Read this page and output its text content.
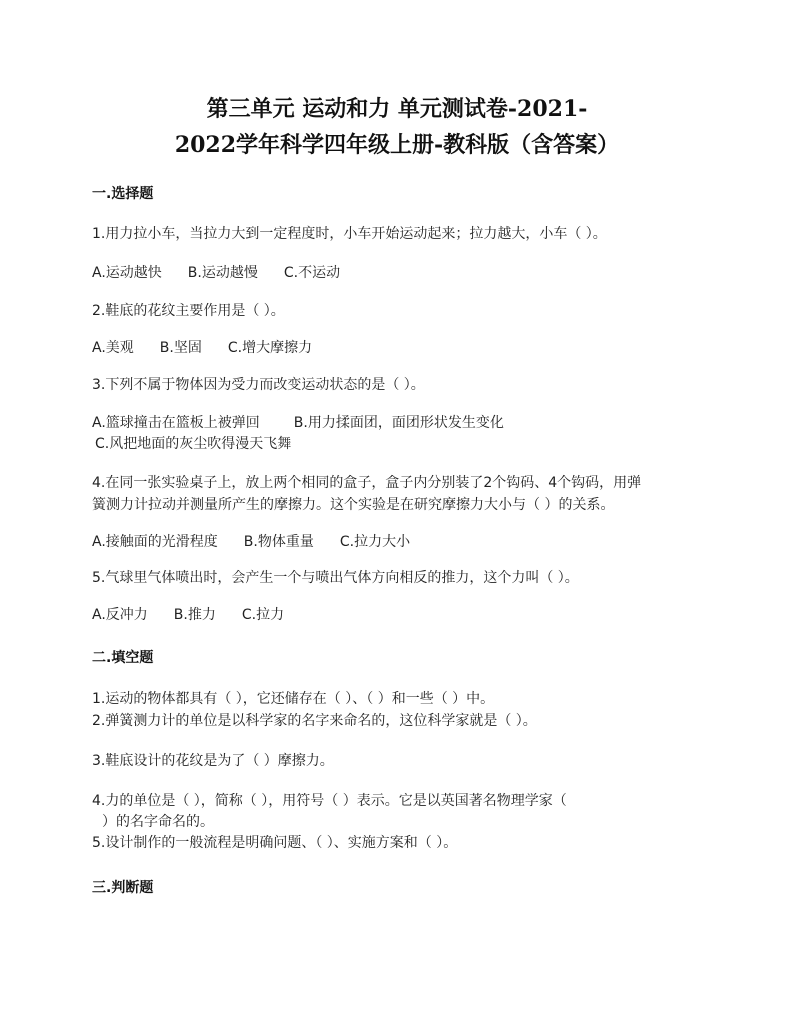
第三单元 运动和力 单元测试卷-2021-
2022学年科学四年级上册-教科版（含答案）
一.选择题
1.用力拉小车，当拉力大到一定程度时，小车开始运动起来；拉力越大，小车（ ）。
A.运动越快 B.运动越慢 C.不运动
2.鞋底的花纹主要作用是（ ）。
A.美观 B.坚固 C.增大摩擦力
3.下列不属于物体因为受力而改变运动状态的是（ ）。
A.篮球撞击在篮板上被弹回 B.用力揉面团，面团形状发生变化
C.风把地面的灰尘吹得漫天飞舞
4.在同一张实验桌子上，放上两个相同的盒子，盒子内分别装了2个钩码、4个钩码，用弹
簧测力计拉动并测量所产生的摩擦力。这个实验是在研究摩擦力大小与（ ）的关系。
A.接触面的光滑程度 B.物体重量 C.拉力大小
5.气球里气体喷出时，会产生一个与喷出气体方向相反的推力，这个力叫（ ）。
A.反冲力 B.推力 C.拉力
二.填空题
1.运动的物体都具有（ ），它还储存在（ ）、（ ）和一些（ ）中。
2.弹簧测力计的单位是以科学家的名字来命名的，这位科学家就是（ ）。
3.鞋底设计的花纹是为了（ ）摩擦力。
4.力的单位是（ ），简称（ ），用符号（ ）表示。它是以英国著名物理学家（
）的名字命名的。
5.设计制作的一般流程是明确问题、（ ）、实施方案和（ ）。
三.判断题
